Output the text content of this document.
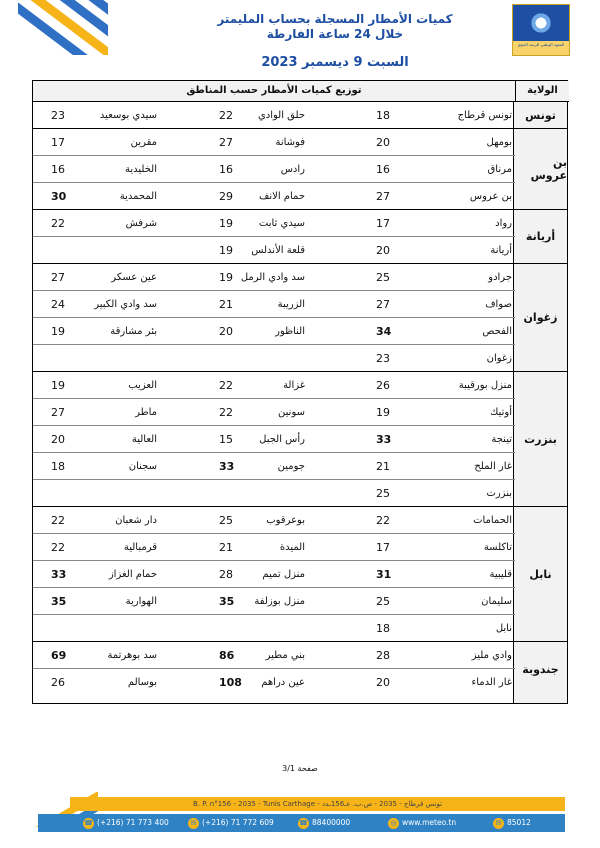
كميات الأمطار المسجلة بحساب المليمتر
خلال 24 ساعة الفارطة
السبت 9 ديسمبر 2023
المعهد الوطني للرصد الجوي
توزيع كميات الأمطار حسب المناطق	الولاية
تونس
بن عروس
أريانة
زغوان
بنزرت
نابل
جندوبة
تونس قرطاج
18
حلق الوادي
22
سيدي بوسعيد
23
بومهل
20
فوشانة
27
مقرين
17
مرناق
16
رادس
16
الخليدية
16
بن عروس
27
حمام الانف
29
المحمدية
30
رواد
17
سيدي ثابت
19
شرفش
22
أريانة
20
قلعة الأندلس
19
جرادو
25
سد وادي الرمل
19
عين عسكر
27
صواف
27
الزريبة
21
سد وادي الكبير
24
الفحص
34
الناظور
20
بئر مشارقة
19
زغوان
23
منزل بورقيبة
26
غزالة
22
العزيب
19
أوتيك
19
سونين
22
ماطر
27
تينجة
33
رأس الجبل
15
العالية
20
غار الملح
21
جومين
33
سجنان
18
بنزرت
25
الحمامات
22
بوعرقوب
25
دار شعبان
22
تاكلسة
17
الميدة
21
قرمبالية
22
قليبية
31
منزل تميم
28
حمام الغزاز
33
سليمان
25
منزل بوزلفة
35
الهوارية
35
نابل
18
وادي مليز
28
بني مطير
86
سد بوهرتمة
69
غار الدماء
20
عين دراهم
108
بوسالم
26
صفحة 3/1
B. P. n°156 - 2035 - Tunis Carthage - تونس قرطاج - 2035 - ص.ب. عـ156ـدد
◎ www.meteo.tn
☎ 88400000
✉ (+216) 71 772 609
☎ (+216) 71 773 400	✉ 85012
